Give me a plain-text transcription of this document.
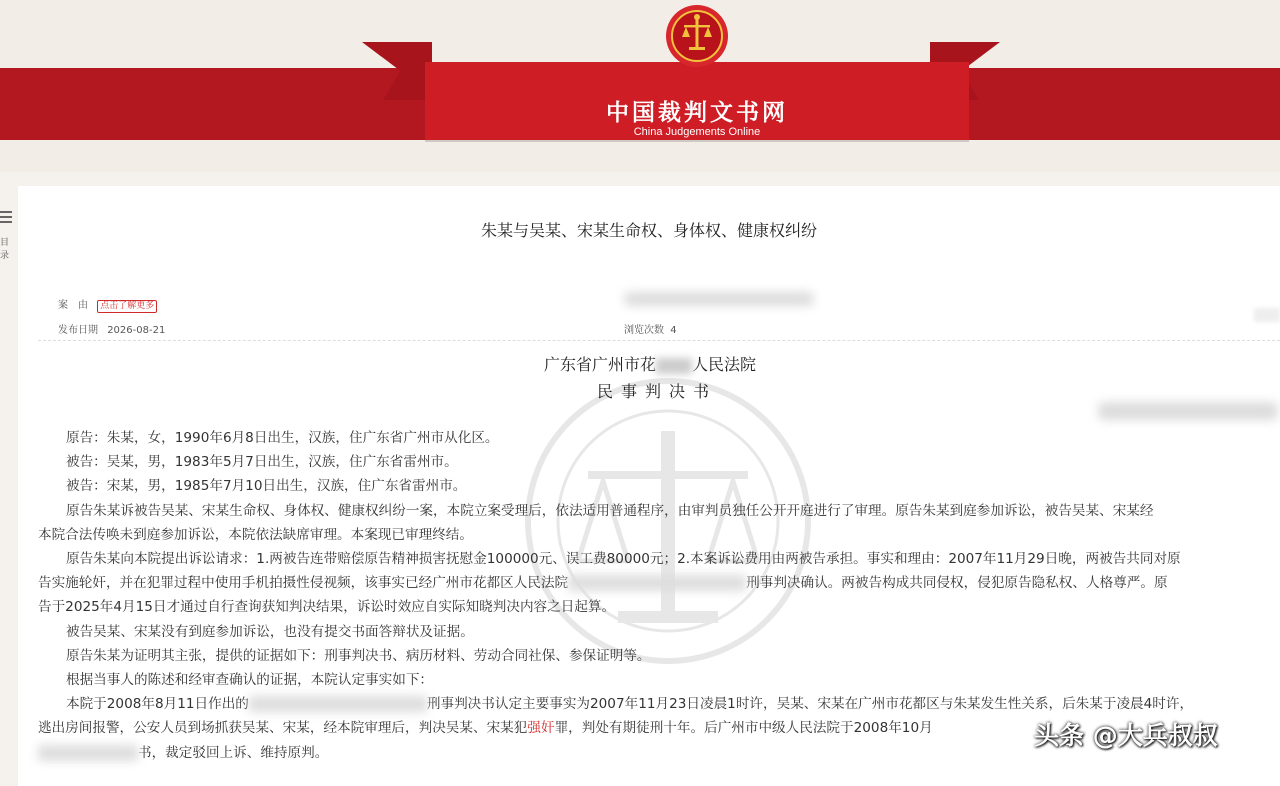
中国裁判文书网
China Judgements Online
目录
朱某与吴某、宋某生命权、身体权、健康权纠纷
案　由 点击了解更多
发布日期 2026-08-21	浏览次数 4
广东省广州市花 人民法院
民事判决书

原告：朱某，女，1990年6月8日出生，汉族，住广东省广州市从化区。

被告：吴某，男，1983年5月7日出生，汉族，住广东省雷州市。

被告：宋某，男，1985年7月10日出生，汉族，住广东省雷州市。

原告朱某诉被告吴某、宋某生命权、身体权、健康权纠纷一案，本院立案受理后，依法适用普通程序，由审判员独任公开开庭进行了审理。原告朱某到庭参加诉讼，被告吴某、宋某经

本院合法传唤未到庭参加诉讼，本院依法缺席审理。本案现已审理终结。

原告朱某向本院提出诉讼请求：1.两被告连带赔偿原告精神损害抚慰金100000元、误工费80000元；2.本案诉讼费用由两被告承担。事实和理由：2007年11月29日晚，两被告共同对原

告实施轮奸，并在犯罪过程中使用手机拍摄性侵视频，该事实已经广州市花都区人民法院	刑事判决确认。两被告构成共同侵权，侵犯原告隐私权、人格尊严。原

告于2025年4月15日才通过自行查询获知判决结果，诉讼时效应自实际知晓判决内容之日起算。

被告吴某、宋某没有到庭参加诉讼，也没有提交书面答辩状及证据。

原告朱某为证明其主张，提供的证据如下：刑事判决书、病历材料、劳动合同社保、参保证明等。

根据当事人的陈述和经审查确认的证据，本院认定事实如下：

本院于2008年8月11日作出的	刑事判决书认定主要事实为2007年11月23日凌晨1时许，吴某、宋某在广州市花都区与朱某发生性关系，后朱某于凌晨4时许，

逃出房间报警，公安人员到场抓获吴某、宋某，经本院审理后，判决吴某、宋某犯强奸罪，判处有期徒刑十年。后广州市中级人民法院于2008年10月

书，裁定驳回上诉、维持原判。

头条 @大兵叔叔
